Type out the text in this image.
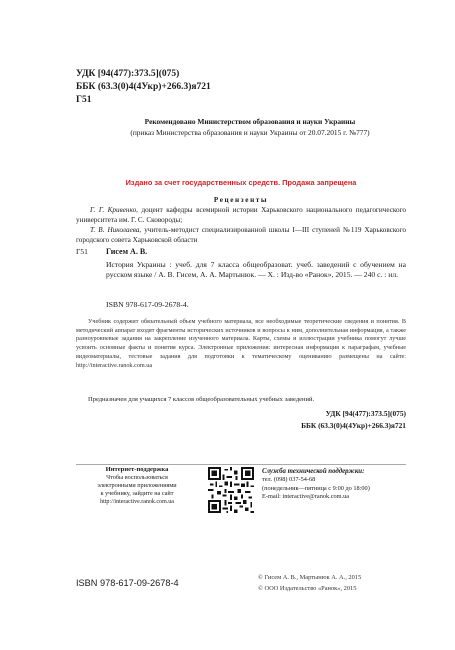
УДК [94(477):373.5](075)
ББК (63.3(0)4(4Укр)+266.3)я721
Г51
Рекомендовано Министерством образования и науки Украины
(приказ Министерства образования и науки Украины от 20.07.2015 г. №777)
Издано за счет государственных средств. Продажа запрещена
Рецензенты

Г. Г. Кривенко, доцент кафедры всемирной истории Харьковского национального педагогического университета им. Г. С. Сковороды;

Т. В. Николаева, учитель-методист специализированной школы I—III ступеней №119 Харьковского городского совета Харьковской области

Г51 Гисем А. В.
История Украины : учеб. для 7 класса общеобразоват. учеб. заведений с обучением на русском языке / А. В. Гисем, А. А. Мартынюк. — Х. : Изд-во «Ранок», 2015. — 240 с. : ил.
ISBN 978-617-09-2678-4.
Учебник содержит обязательный объем учебного материала, все необходимые теоретические сведения и понятия. В методический аппарат входят фрагменты исторических источников и вопросы к ним, дополнительная информация, а также разноуровневые задания на закрепление изученного материала. Карты, схемы и иллюстрации учебника помогут лучше усвоить основные факты и понятия курса. Электронные приложения: интересная информация к параграфам, учебные видеоматериалы, тестовые задания для подготовки к тематическому оцениванию размещены на сайте: http://interactive.ranok.com.ua
Предназначен для учащихся 7 классов общеобразовательных учебных заведений.
УДК [94(477):373.5](075)
ББК (63.3(0)4(4Укр)+266.3)я721
Интернет-поддержка
Чтобы воспользоваться
электронными приложениями
к учебнику, зайдите на сайт
http://interactive.ranok.com.ua
Служба технической поддержки:
тел. (098) 037-54-68
(понедельник—пятница с 9:00 до 18:00)
E-mail: interactive@ranok.com.ua
ISBN 978-617-09-2678-4
© Гисем А. В., Мартынюк А. А., 2015
© ООО Издательство «Ранок», 2015
